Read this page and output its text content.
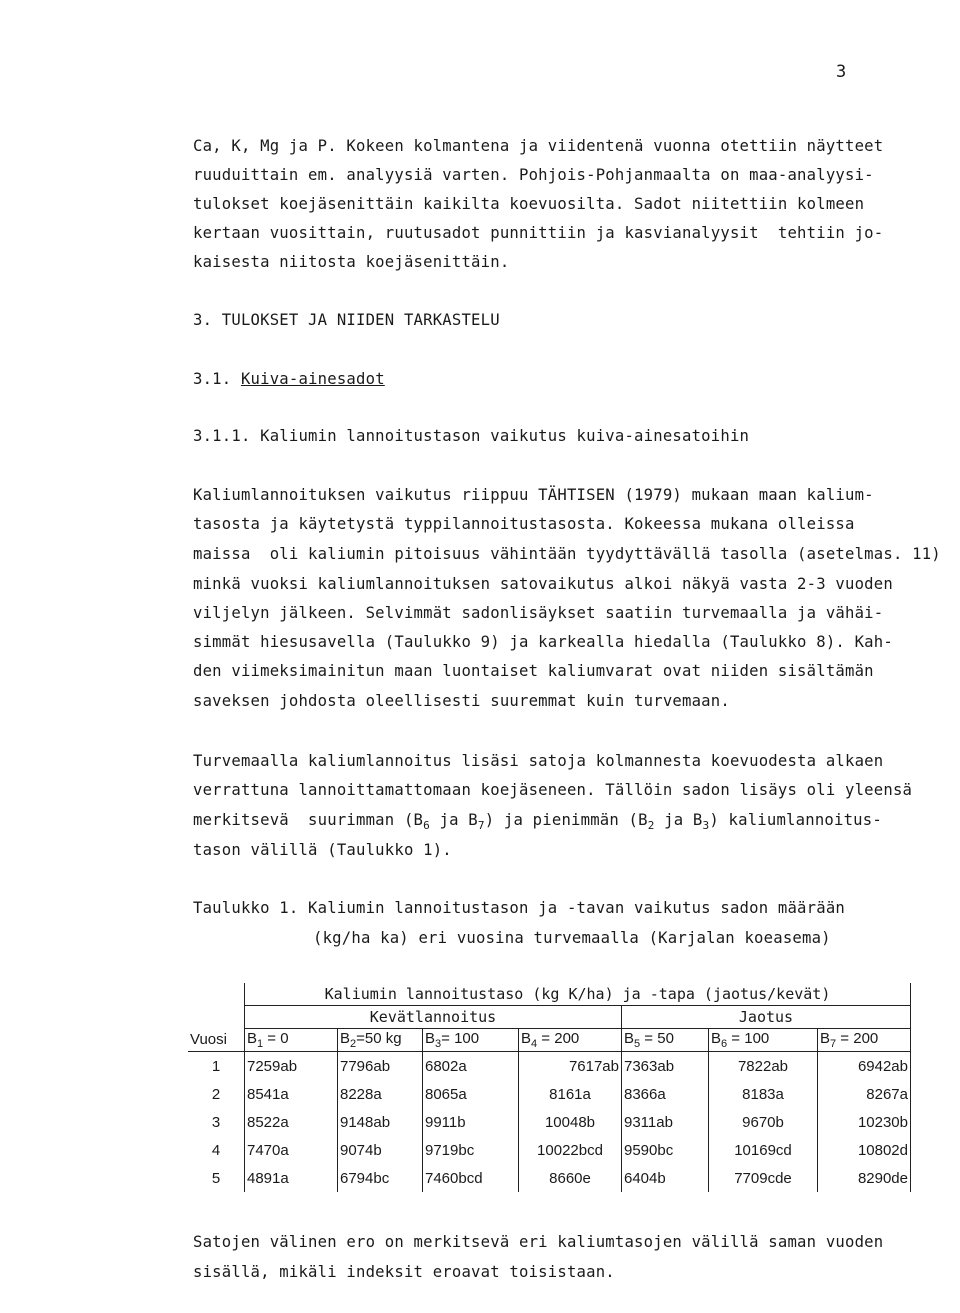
3
Ca, K, Mg ja P. Kokeen kolmantena ja viidentenä vuonna otettiin näytteet
ruuduittain em. analyysiä varten. Pohjois-Pohjanmaalta on maa-analyysi-
tulokset koejäsenittäin kaikilta koevuosilta. Sadot niitettiin kolmeen
kertaan vuosittain, ruutusadot punnittiin ja kasvianalyysit  tehtiin jo-
kaisesta niitosta koejäsenittäin.
3. TULOKSET JA NIIDEN TARKASTELU
3.1. Kuiva-ainesadot
3.1.1. Kaliumin lannoitustason vaikutus kuiva-ainesatoihin
Kaliumlannoituksen vaikutus riippuu TÄHTISEN (1979) mukaan maan kalium-
tasosta ja käytetystä typpilannoitustasosta. Kokeessa mukana olleissa
maissa  oli kaliumin pitoisuus vähintään tyydyttävällä tasolla (asetelmas. 11)
minkä vuoksi kaliumlannoituksen satovaikutus alkoi näkyä vasta 2-3 vuoden
viljelyn jälkeen. Selvimmät sadonlisäykset saatiin turvemaalla ja vähäi-
simmät hiesusavella (Taulukko 9) ja karkealla hiedalla (Taulukko 8). Kah-
den viimeksimainitun maan luontaiset kaliumvarat ovat niiden sisältämän
saveksen johdosta oleellisesti suuremmat kuin turvemaan.
Turvemaalla kaliumlannoitus lisäsi satoja kolmannesta koevuodesta alkaen
verrattuna lannoittamattomaan koejäseneen. Tällöin sadon lisäys oli yleensä
merkitsevä  suurimman ($B_6$ ja $B_7$) ja pienimmän ($B_2$ ja $B_3$) kaliumlannoitus-
tason välillä (Taulukko 1).
Taulukko 1. Kaliumin lannoitustason ja -tavan vaikutus sadon määrään
(kg/ha ka) eri vuosina turvemaalla (Karjalan koeasema)
	Kaliumin lannoitustaso (kg K/ha) ja -tapa (jaotus/kevät)						
	Kevätlannoitus				Jaotus		
Vuosi	$B_1 = 0$	$B_2=50$ kg	$B_3= 100$	$B_4 = 200$	$B_5 = 50$	$B_6 = 100$	$B_7 = 200$
1	7259ab	7796ab	6802a	7617ab	7363ab	7822ab	6942ab
2	8541a	8228a	8065a	8161a	8366a	8183a	8267a
3	8522a	9148ab	9911b	10048b	9311ab	9670b	10230b
4	7470a	9074b	9719bc	10022bcd	9590bc	10169cd	10802d
5	4891a	6794bc	7460bcd	8660e	6404b	7709cde	8290de
Satojen välinen ero on merkitsevä eri kaliumtasojen välillä saman vuoden
sisällä, mikäli indeksit eroavat toisistaan.
